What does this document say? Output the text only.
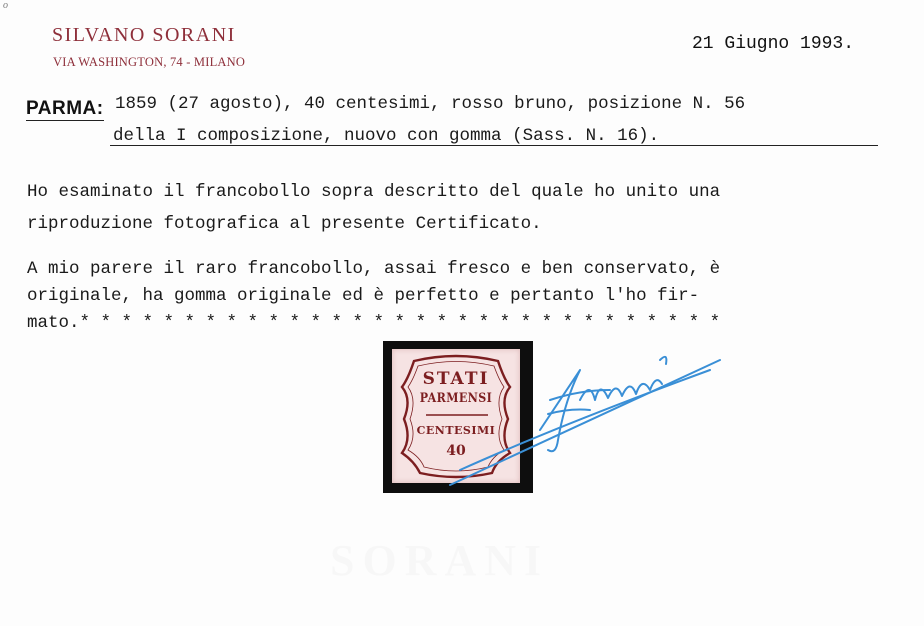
o
SILVANO SORANI
VIA WASHINGTON, 74 - MILANO
21 Giugno 1993.
PARMA: 1859 (27 agosto), 40 centesimi, rosso bruno, posizione N. 56
della I composizione, nuovo con gomma (Sass. N. 16).
Ho esaminato il francobollo sopra descritto del quale ho unito una
riproduzione fotografica al presente Certificato.
A mio parere il raro francobollo, assai fresco e ben conservato, è
originale, ha gomma originale ed è perfetto e pertanto l'ho fir-
mato.* * * * * * * * * * * * * * * * * * * * * * * * * * * * * * *
STATI
PARMENSI
CENTESIMI
40
